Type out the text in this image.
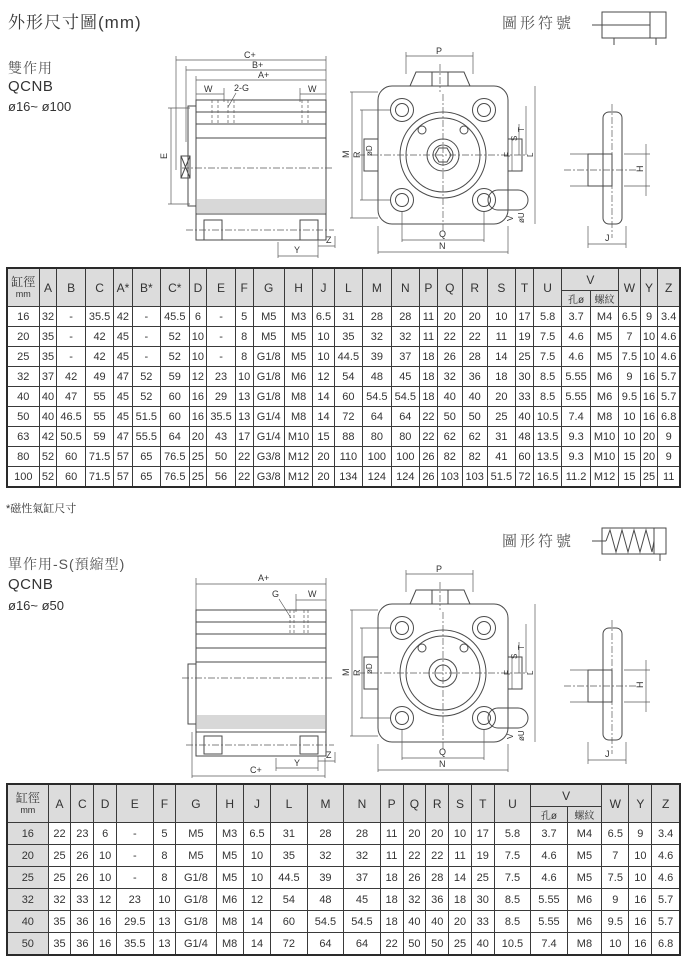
外形尺寸圖(mm)	圖形符號
雙作用
QCNB
ø16~ ø100
C+
B+
A+
W	W
2-G
E
Z
Y
P
M R øD	F
S
T
L
V øU
Q
N
H
J
缸徑
mm	A	B	C	A*	B*	C*	D	E	F	G	H	J	L	M	N	P	Q	R	S	T	U	V		W	Y	Z
																						孔ø	螺紋			
16	32	-	35.5	42	-	45.5	6	-	5	M5	M3	6.5	31	28	28	11	20	20	10	17	5.8	3.7	M4	6.5	9	3.4
20	35	-	42	45	-	52	10	-	8	M5	M5	10	35	32	32	11	22	22	11	19	7.5	4.6	M5	7	10	4.6
25	35	-	42	45	-	52	10	-	8	G1/8	M5	10	44.5	39	37	18	26	28	14	25	7.5	4.6	M5	7.5	10	4.6
32	37	42	49	47	52	59	12	23	10	G1/8	M6	12	54	48	45	18	32	36	18	30	8.5	5.55	M6	9	16	5.7
40	40	47	55	45	52	60	16	29	13	G1/8	M8	14	60	54.5	54.5	18	40	40	20	33	8.5	5.55	M6	9.5	16	5.7
50	40	46.5	55	45	51.5	60	16	35.5	13	G1/4	M8	14	72	64	64	22	50	50	25	40	10.5	7.4	M8	10	16	6.8
63	42	50.5	59	47	55.5	64	20	43	17	G1/4	M10	15	88	80	80	22	62	62	31	48	13.5	9.3	M10	10	20	9
80	52	60	71.5	57	65	76.5	25	50	22	G3/8	M12	20	110	100	100	26	82	82	41	60	13.5	9.3	M10	15	20	9
100	52	60	71.5	57	65	76.5	25	56	22	G3/8	M12	20	134	124	124	26	103	103	51.5	72	16.5	11.2	M12	15	25	11
*磁性氣缸尺寸
圖形符號
單作用-S(預縮型)
QCNB
ø16~ ø50
A+
G	W
Z
Y
C+
P
M R øD	F
S
T
L
V øU
Q
N
H
J
缸徑
mm	A	C	D	E	F	G	H	J	L	M	N	P	Q	R	S	T	U	V		W	Y	Z
																		孔ø	螺紋			
16	22	23	6	-	5	M5	M3	6.5	31	28	28	11	20	20	10	17	5.8	3.7	M4	6.5	9	3.4
20	25	26	10	-	8	M5	M5	10	35	32	32	11	22	22	11	19	7.5	4.6	M5	7	10	4.6
25	25	26	10	-	8	G1/8	M5	10	44.5	39	37	18	26	28	14	25	7.5	4.6	M5	7.5	10	4.6
32	32	33	12	23	10	G1/8	M6	12	54	48	45	18	32	36	18	30	8.5	5.55	M6	9	16	5.7
40	35	36	16	29.5	13	G1/8	M8	14	60	54.5	54.5	18	40	40	20	33	8.5	5.55	M6	9.5	16	5.7
50	35	36	16	35.5	13	G1/4	M8	14	72	64	64	22	50	50	25	40	10.5	7.4	M8	10	16	6.8
